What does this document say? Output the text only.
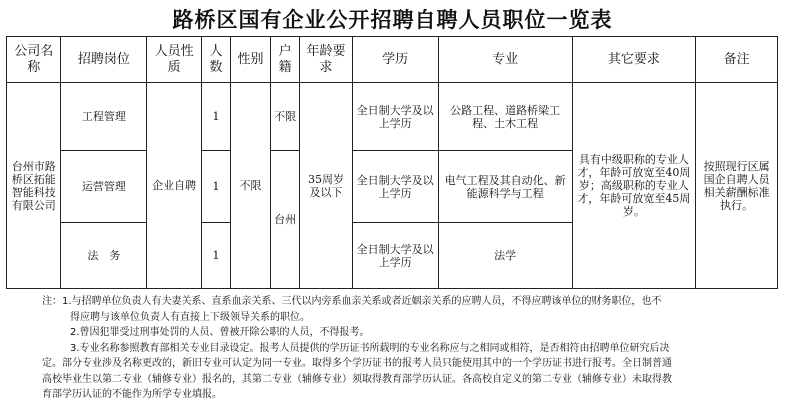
路桥区国有企业公开招聘自聘人员职位一览表
公司名称	招聘岗位	人员性质	人数	性别	户籍	年龄要求	学历	专业	其它要求	备注
台州市路桥区拓能智能科技有限公司	工程管理	企业自聘	1	不限	不限	35周岁及以下	全日制大学及以上学历	公路工程、道路桥梁工程、土木工程	具有中级职称的专业人才，年龄可放宽至40周岁；高级职称的专业人才，年龄可放宽至45周岁。	按照现行区属国企自聘人员相关薪酬标准执行。
	运营管理		1		台州		全日制大学及以上学历	电气工程及其自动化、新能源科学与工程		
	法　务		1				全日制大学及以上学历	法学		

注：1.与招聘单位负责人有夫妻关系、直系血亲关系、三代以内旁系血亲关系或者近姻亲关系的应聘人员，不得应聘该单位的财务职位，也不

得应聘与该单位负责人有直接上下级领导关系的职位。

2.曾因犯罪受过刑事处罚的人员、曾被开除公职的人员，不得报考。

3.专业名称参照教育部相关专业目录设定。报考人员提供的学历证书所载明的专业名称应与之相同或相符，是否相符由招聘单位研究后决

定。部分专业涉及名称更改的，新旧专业可认定为同一专业。取得多个学历证书的报考人员只能使用其中的一个学历证书进行报考。全日制普通

高校毕业生以第二专业（辅修专业）报名的，其第二专业（辅修专业）须取得教育部学历认证。各高校自定义的第二专业（辅修专业）未取得教

育部学历认证的不能作为所学专业填报。
